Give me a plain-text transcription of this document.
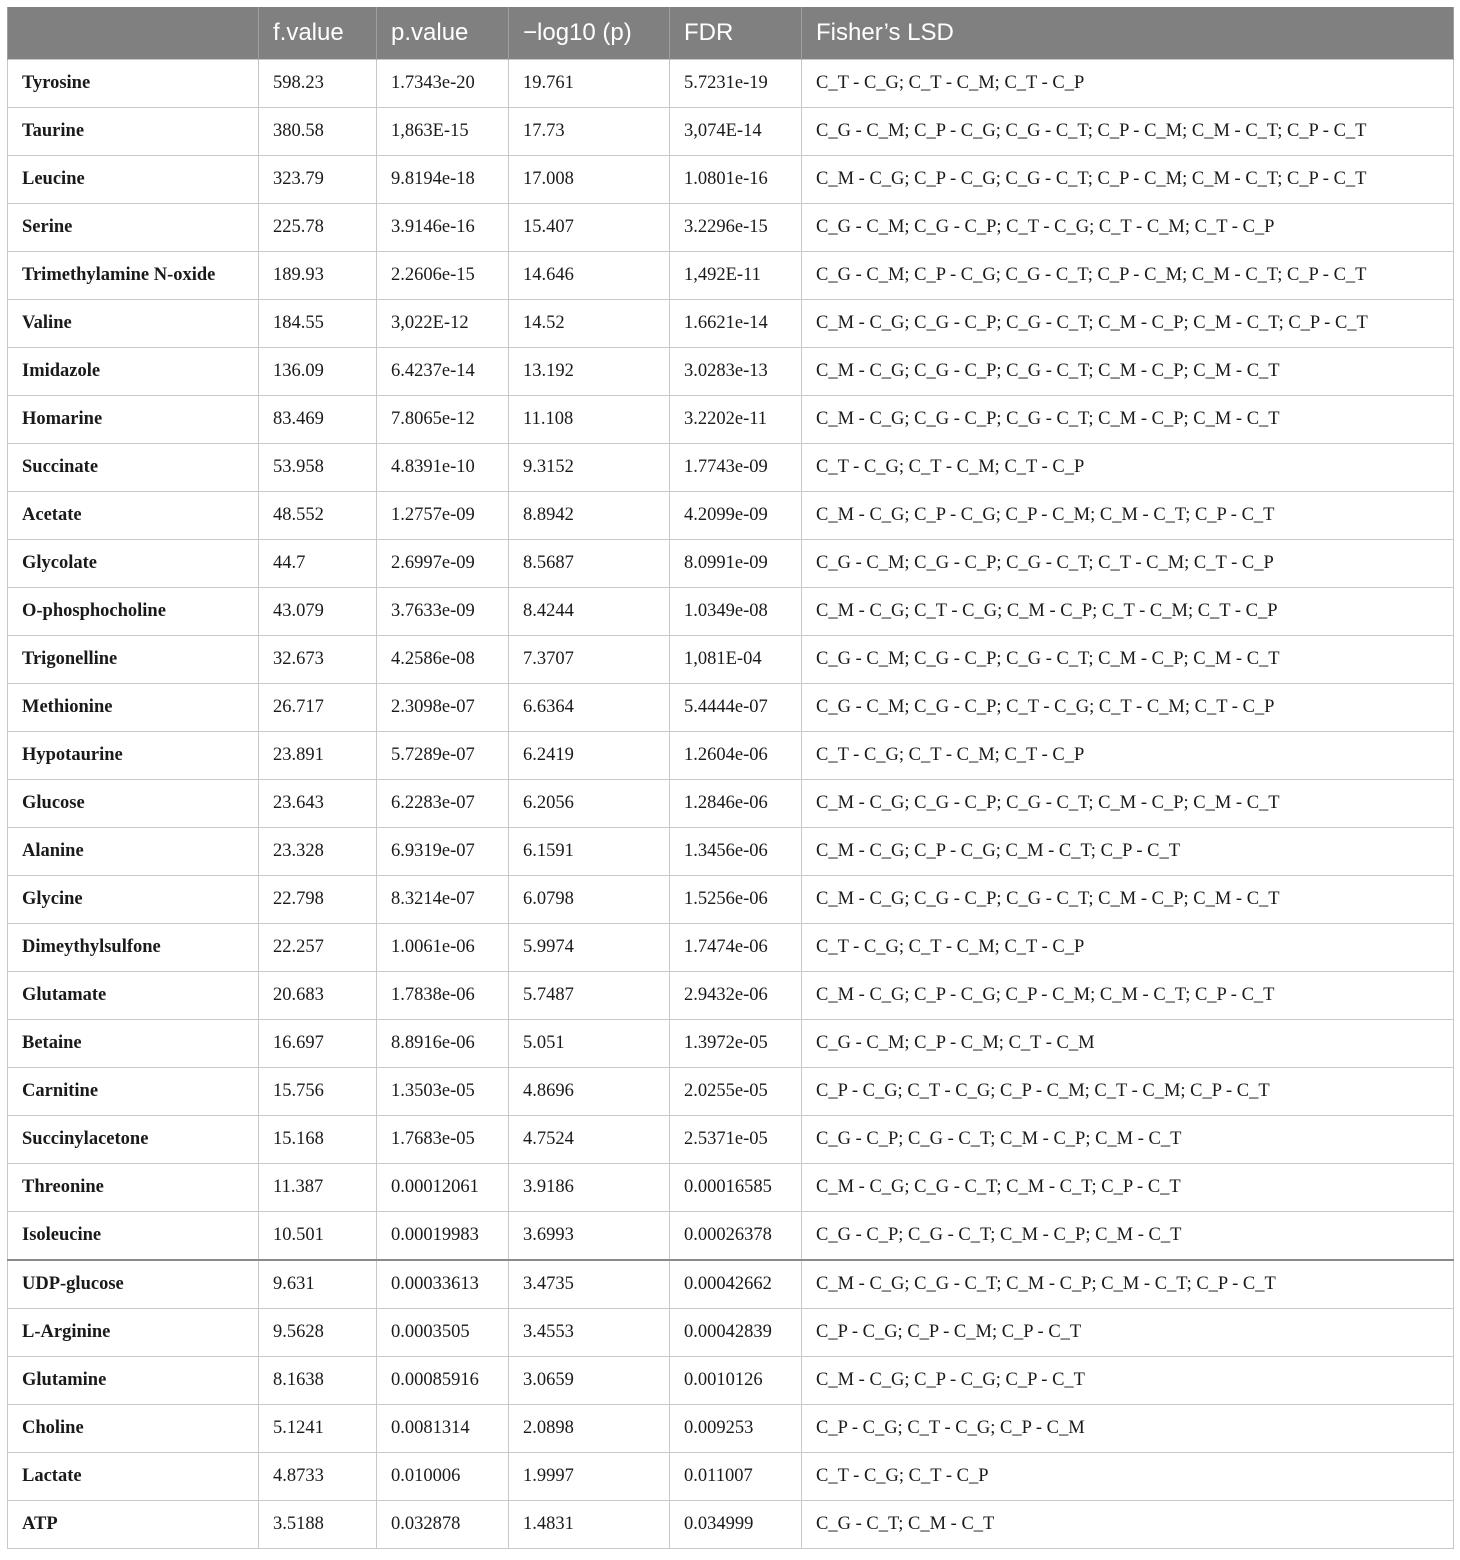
	f.value	p.value	−log10 (p)	FDR	Fisher’s LSD
Tyrosine	598.23	1.7343e-20	19.761	5.7231e-19	C_T - C_G; C_T - C_M; C_T - C_P
Taurine	380.58	1,863E-15	17.73	3,074E-14	C_G - C_M; C_P - C_G; C_G - C_T; C_P - C_M; C_M - C_T; C_P - C_T
Leucine	323.79	9.8194e-18	17.008	1.0801e-16	C_M - C_G; C_P - C_G; C_G - C_T; C_P - C_M; C_M - C_T; C_P - C_T
Serine	225.78	3.9146e-16	15.407	3.2296e-15	C_G - C_M; C_G - C_P; C_T - C_G; C_T - C_M; C_T - C_P
Trimethylamine N-oxide	189.93	2.2606e-15	14.646	1,492E-11	C_G - C_M; C_P - C_G; C_G - C_T; C_P - C_M; C_M - C_T; C_P - C_T
Valine	184.55	3,022E-12	14.52	1.6621e-14	C_M - C_G; C_G - C_P; C_G - C_T; C_M - C_P; C_M - C_T; C_P - C_T
Imidazole	136.09	6.4237e-14	13.192	3.0283e-13	C_M - C_G; C_G - C_P; C_G - C_T; C_M - C_P; C_M - C_T
Homarine	83.469	7.8065e-12	11.108	3.2202e-11	C_M - C_G; C_G - C_P; C_G - C_T; C_M - C_P; C_M - C_T
Succinate	53.958	4.8391e-10	9.3152	1.7743e-09	C_T - C_G; C_T - C_M; C_T - C_P
Acetate	48.552	1.2757e-09	8.8942	4.2099e-09	C_M - C_G; C_P - C_G; C_P - C_M; C_M - C_T; C_P - C_T
Glycolate	44.7	2.6997e-09	8.5687	8.0991e-09	C_G - C_M; C_G - C_P; C_G - C_T; C_T - C_M; C_T - C_P
O-phosphocholine	43.079	3.7633e-09	8.4244	1.0349e-08	C_M - C_G; C_T - C_G; C_M - C_P; C_T - C_M; C_T - C_P
Trigonelline	32.673	4.2586e-08	7.3707	1,081E-04	C_G - C_M; C_G - C_P; C_G - C_T; C_M - C_P; C_M - C_T
Methionine	26.717	2.3098e-07	6.6364	5.4444e-07	C_G - C_M; C_G - C_P; C_T - C_G; C_T - C_M; C_T - C_P
Hypotaurine	23.891	5.7289e-07	6.2419	1.2604e-06	C_T - C_G; C_T - C_M; C_T - C_P
Glucose	23.643	6.2283e-07	6.2056	1.2846e-06	C_M - C_G; C_G - C_P; C_G - C_T; C_M - C_P; C_M - C_T
Alanine	23.328	6.9319e-07	6.1591	1.3456e-06	C_M - C_G; C_P - C_G; C_M - C_T; C_P - C_T
Glycine	22.798	8.3214e-07	6.0798	1.5256e-06	C_M - C_G; C_G - C_P; C_G - C_T; C_M - C_P; C_M - C_T
Dimeythylsulfone	22.257	1.0061e-06	5.9974	1.7474e-06	C_T - C_G; C_T - C_M; C_T - C_P
Glutamate	20.683	1.7838e-06	5.7487	2.9432e-06	C_M - C_G; C_P - C_G; C_P - C_M; C_M - C_T; C_P - C_T
Betaine	16.697	8.8916e-06	5.051	1.3972e-05	C_G - C_M; C_P - C_M; C_T - C_M
Carnitine	15.756	1.3503e-05	4.8696	2.0255e-05	C_P - C_G; C_T - C_G; C_P - C_M; C_T - C_M; C_P - C_T
Succinylacetone	15.168	1.7683e-05	4.7524	2.5371e-05	C_G - C_P; C_G - C_T; C_M - C_P; C_M - C_T
Threonine	11.387	0.00012061	3.9186	0.00016585	C_M - C_G; C_G - C_T; C_M - C_T; C_P - C_T
Isoleucine	10.501	0.00019983	3.6993	0.00026378	C_G - C_P; C_G - C_T; C_M - C_P; C_M - C_T
UDP-glucose	9.631	0.00033613	3.4735	0.00042662	C_M - C_G; C_G - C_T; C_M - C_P; C_M - C_T; C_P - C_T
L-Arginine	9.5628	0.0003505	3.4553	0.00042839	C_P - C_G; C_P - C_M; C_P - C_T
Glutamine	8.1638	0.00085916	3.0659	0.0010126	C_M - C_G; C_P - C_G; C_P - C_T
Choline	5.1241	0.0081314	2.0898	0.009253	C_P - C_G; C_T - C_G; C_P - C_M
Lactate	4.8733	0.010006	1.9997	0.011007	C_T - C_G; C_T - C_P
ATP	3.5188	0.032878	1.4831	0.034999	C_G - C_T; C_M - C_T
